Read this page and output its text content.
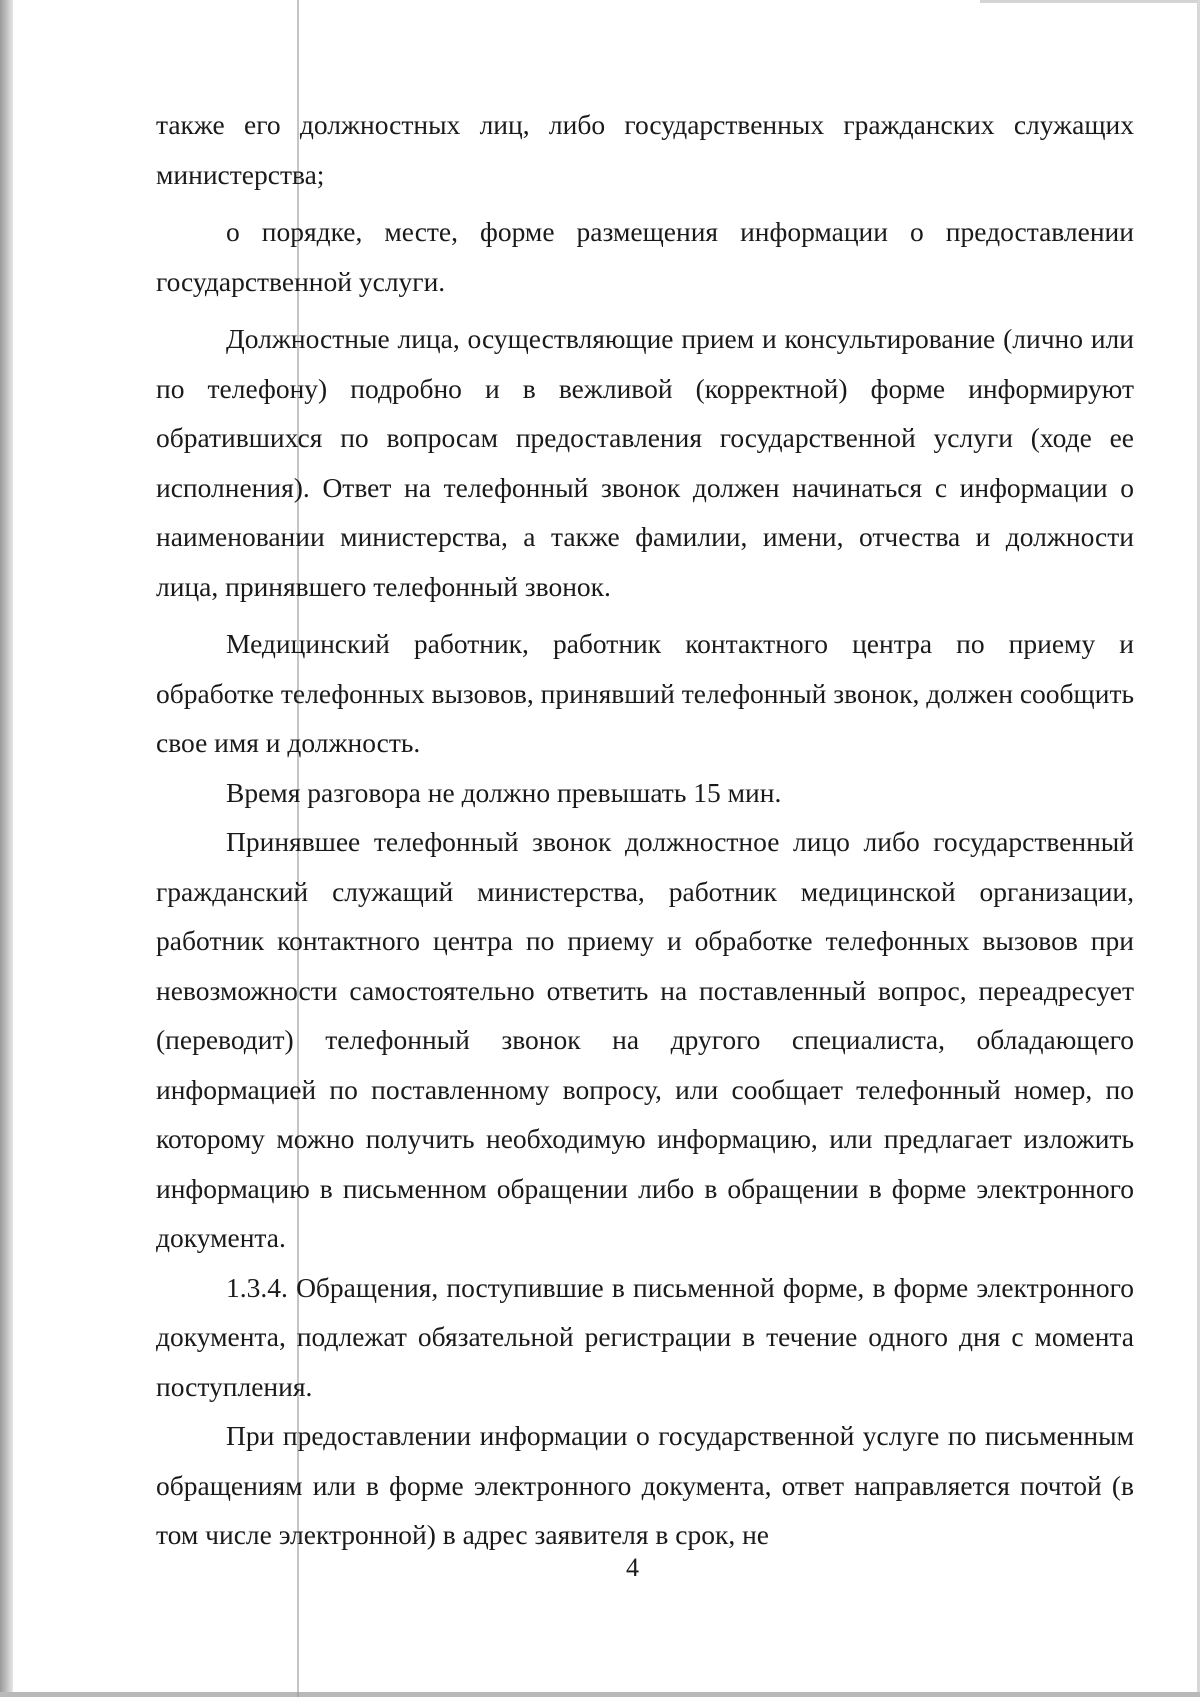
также его должностных лиц, либо государственных гражданских служащих министерства;

о порядке, месте, форме размещения информации о предоставлении государственной услуги.

Должностные лица, осуществляющие прием и консультирование (лично или по телефону) подробно и в вежливой (корректной) форме информируют обратившихся по вопросам предоставления государственной услуги (ходе ее исполнения). Ответ на телефонный звонок должен начинаться с информации о наименовании министерства, а также фамилии, имени, отчества и должности лица, принявшего телефонный звонок.

Медицинский работник, работник контактного центра по приему и обработке телефонных вызовов, принявший телефонный звонок, должен сообщить свое имя и должность.

Время разговора не должно превышать 15 мин.

Принявшее телефонный звонок должностное лицо либо государственный гражданский служащий министерства, работник медицинской организации, работник контактного центра по приему и обработке телефонных вызовов при невозможности самостоятельно ответить на поставленный вопрос, переадресует (переводит) телефонный звонок на другого специалиста, обладающего информацией по поставленному вопросу, или сообщает телефонный номер, по которому можно получить необходимую информацию, или предлагает изложить информацию в письменном обращении либо в обращении в форме электронного документа.

1.3.4. Обращения, поступившие в письменной форме, в форме электронного документа, подлежат обязательной регистрации в течение одного дня с момента поступления.

При предоставлении информации о государственной услуге по письменным обращениям или в форме электронного документа, ответ направляется почтой (в том числе электронной) в адрес заявителя в срок, не

4
